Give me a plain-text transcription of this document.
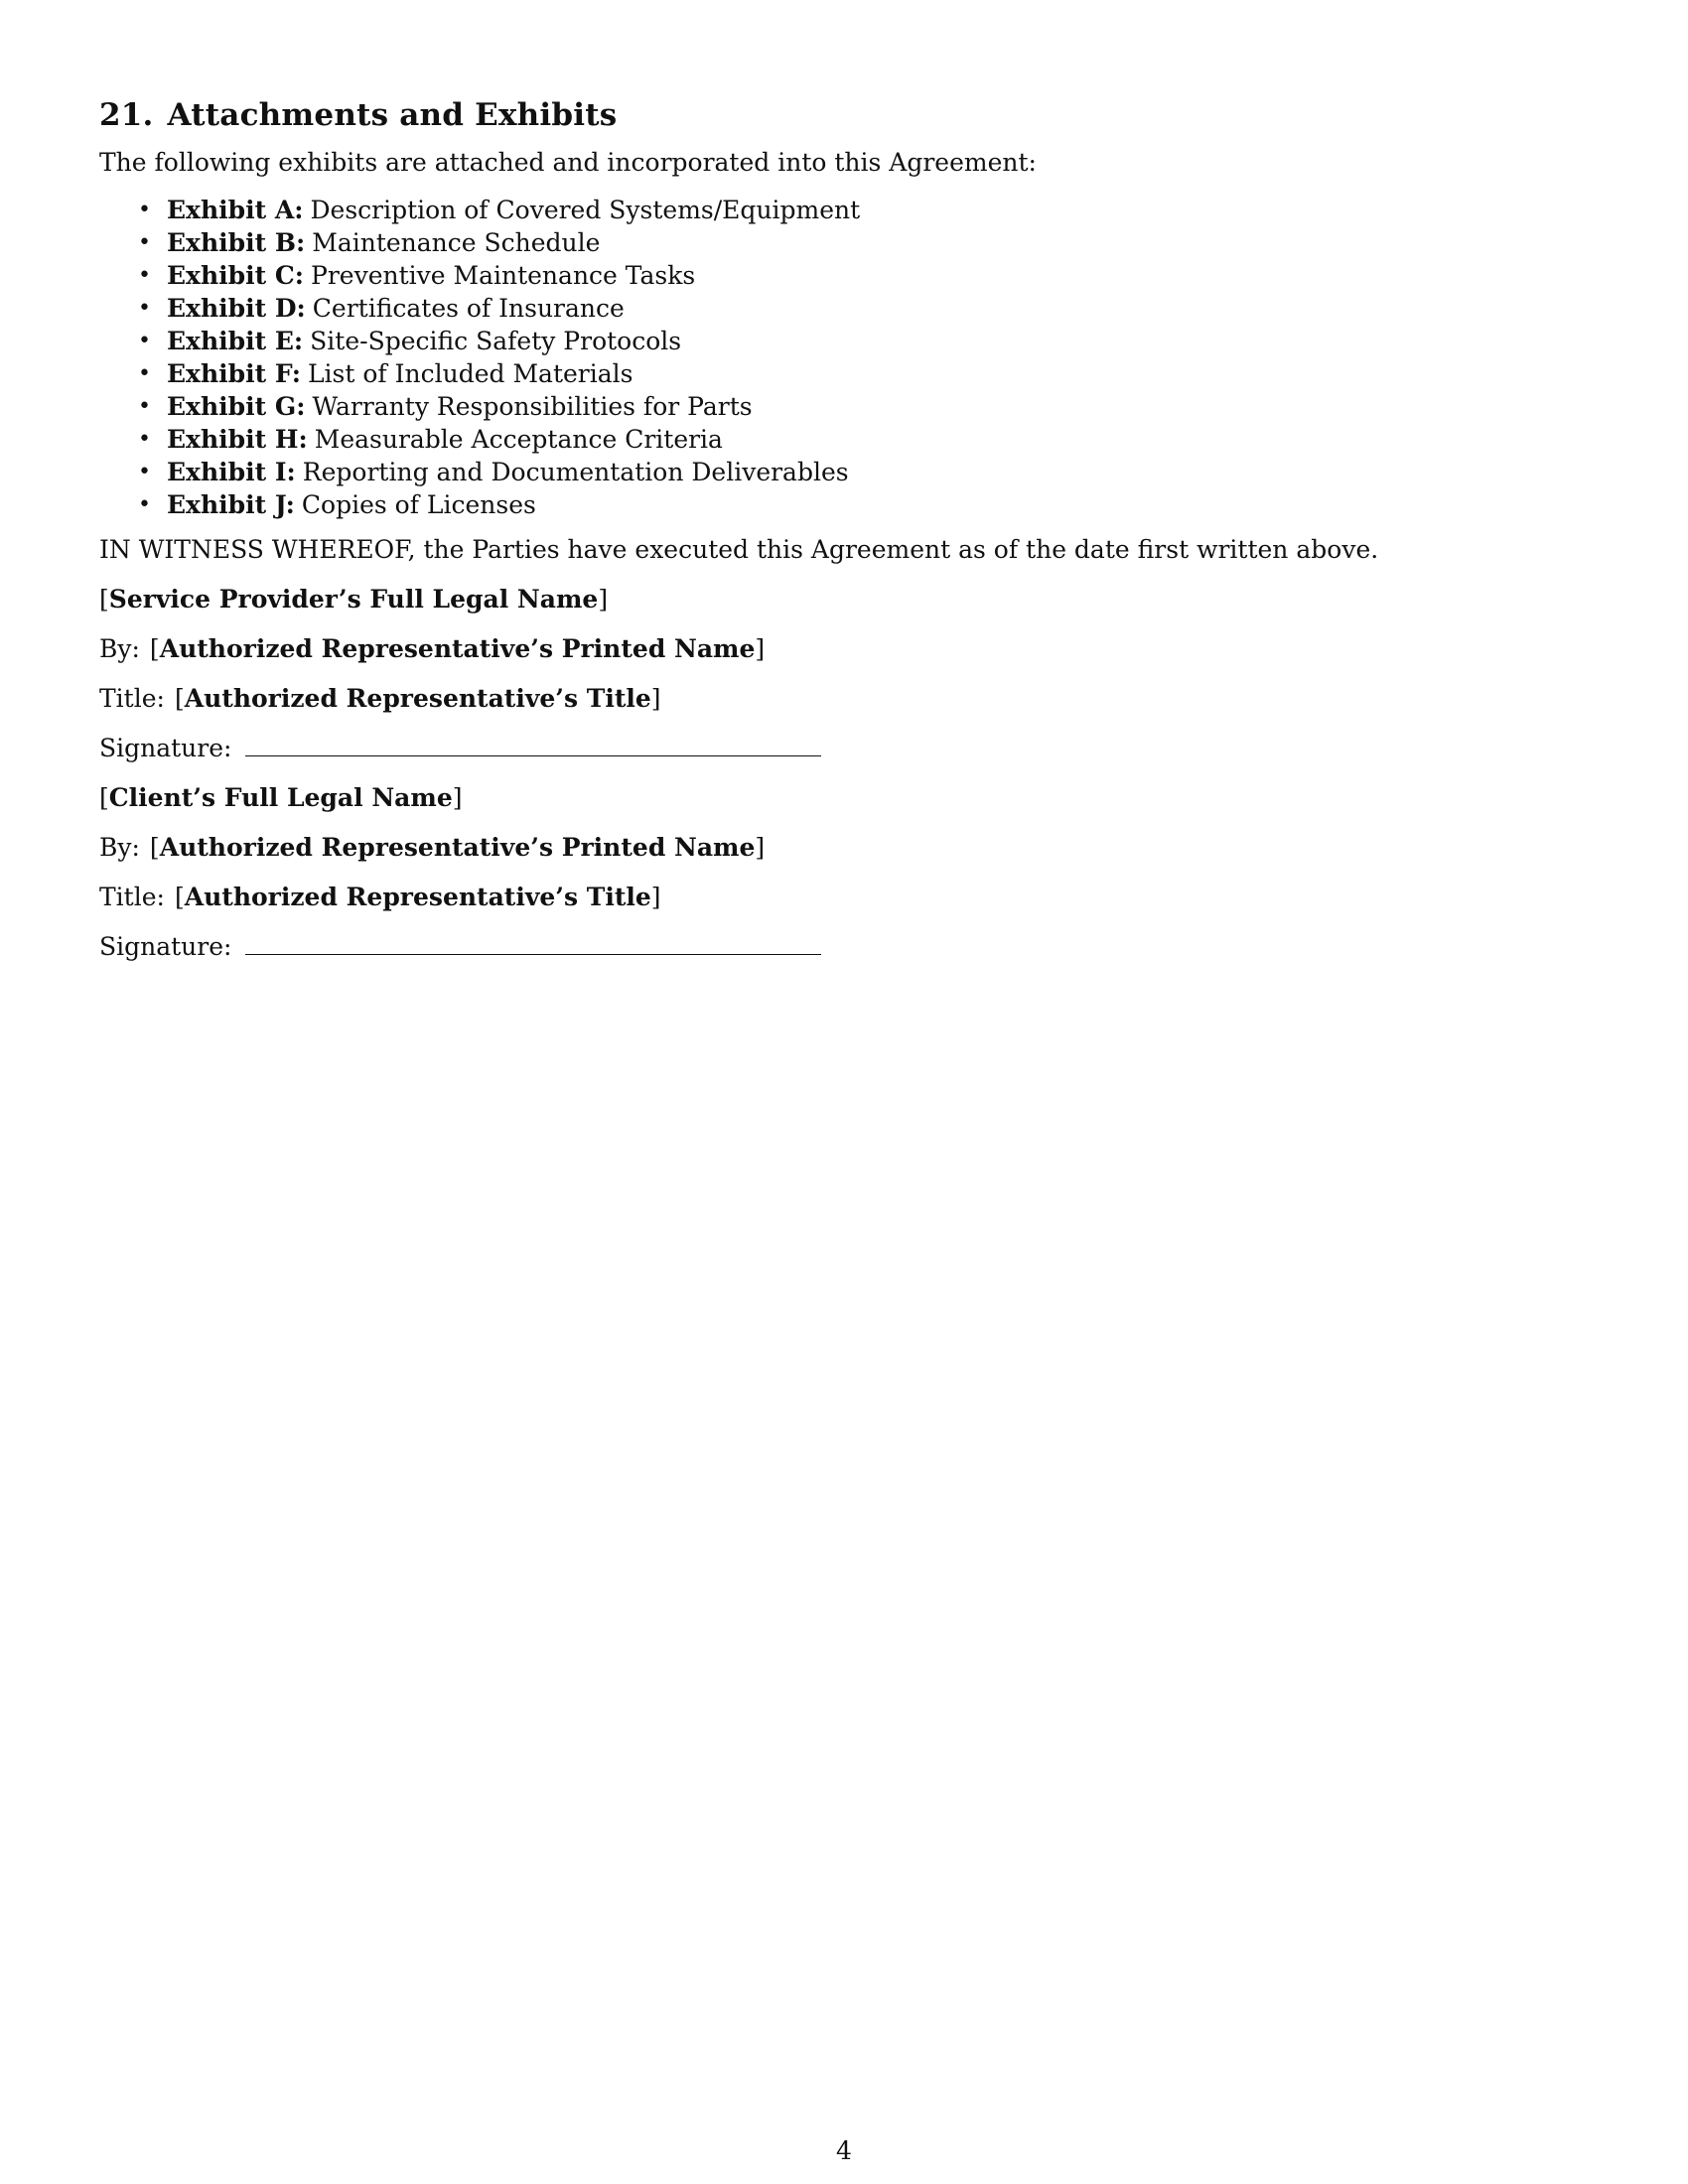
21. Attachments and Exhibits

The following exhibits are attached and incorporated into this Agreement:

• Exhibit A: Description of Covered Systems/Equipment
• Exhibit B: Maintenance Schedule
• Exhibit C: Preventive Maintenance Tasks
• Exhibit D: Certificates of Insurance
• Exhibit E: Site-Specific Safety Protocols
• Exhibit F: List of Included Materials
• Exhibit G: Warranty Responsibilities for Parts
• Exhibit H: Measurable Acceptance Criteria
• Exhibit I: Reporting and Documentation Deliverables
• Exhibit J: Copies of Licenses

IN WITNESS WHEREOF, the Parties have executed this Agreement as of the date first written above.

[Service Provider’s Full Legal Name]

By: [Authorized Representative’s Printed Name]

Title: [Authorized Representative’s Title]

Signature:

[Client’s Full Legal Name]

By: [Authorized Representative’s Printed Name]

Title: [Authorized Representative’s Title]

Signature:

4
